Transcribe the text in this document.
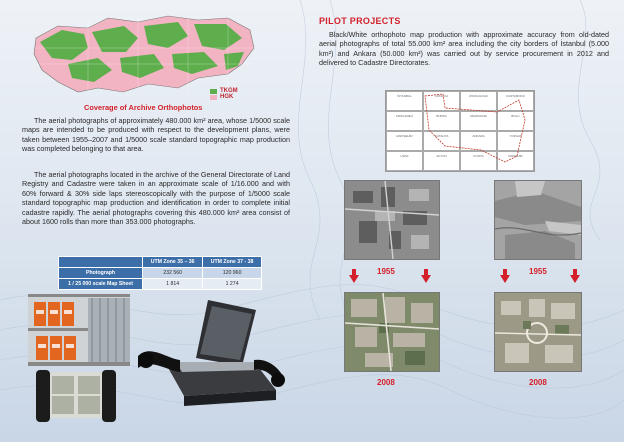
TKGM
HGK
Coverage of Archive Orthophotos

The aerial photographs of approximately 480.000 km² area, whose 1/5000 scale maps are intended to be produced with respect to the development plans, were taken between 1955–2007 and 1/5000 scale standard topographic map production was completed belonging to that area.

The aerial photographs located in the archive of the General Directorate of Land Registry and Cadastre were taken in an approximate scale of 1/16.000 and with 60% forward & 30% side laps stereoscopically with the purpose of 1/5000 scale standard topographic map production and identification in order to complete initial cadastre rapidly. The aerial photographs covering this 480.000 km² area consist of about 1600 rolls than more than 353.000 photographs.

	UTM Zone 35 – 36	UTM Zone 37 - 38
Photograph	232 560	120 960
1 / 25 000 scale Map Sheet	1 814	1 274
PILOT PROJECTS

Black/White orthophoto map production with approximate accuracy from old-dated aerial photographs of total 55.000 km² area including the city borders of İstanbul (5.000 km²) and Ankara (50.000 km²) was carried out by service procurement in 2012 and delivered to Cadastre Directorates.

İSTANBUL	ÇATALCA	ZONGULDAK	KASTAMONU
KIRKLARELİ	BURSA	ADAPAZARI	BOLU
ESKİŞEHİR	KÜTAHYA	ANKARA	YOZGAT
UŞAK	AFYON	KONYA	KIRŞEHİR
1955	1955
2008	2008
